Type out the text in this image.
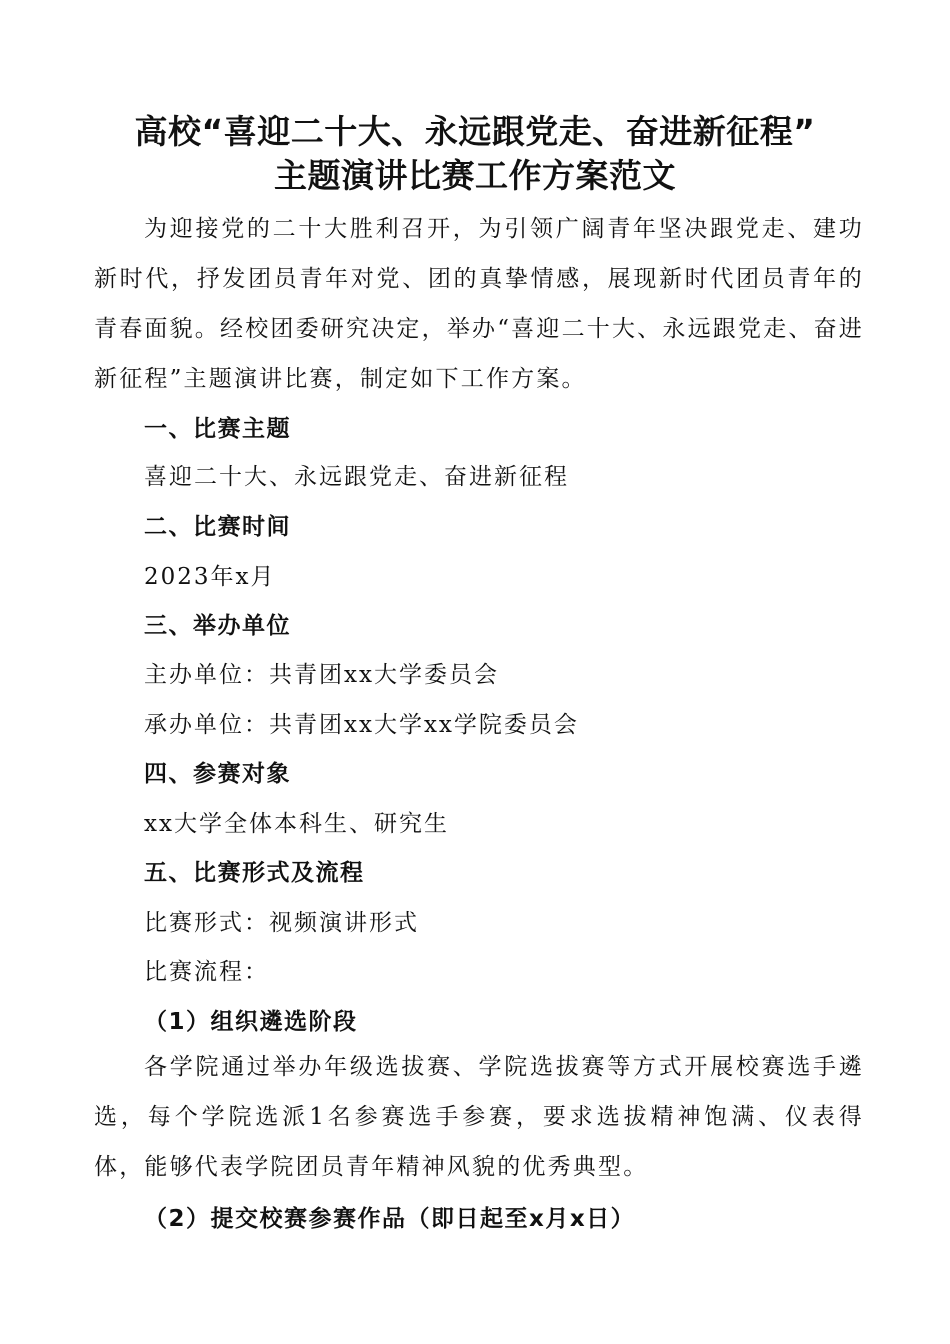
高校“喜迎二十大、永远跟党走、奋进新征程”
主题演讲比赛工作方案范文
为迎接党的二十大胜利召开，为引领广阔青年坚决跟党走、建功新时代，抒发团员青年对党、团的真挚情感，展现新时代团员青年的青春面貌。经校团委研究决定，举办“喜迎二十大、永远跟党走、奋进新征程”主题演讲比赛，制定如下工作方案。
一、比赛主题
喜迎二十大、永远跟党走、奋进新征程
二、比赛时间
2023年x月
三、举办单位
主办单位：共青团xx大学委员会
承办单位：共青团xx大学xx学院委员会
四、参赛对象
xx大学全体本科生、研究生
五、比赛形式及流程
比赛形式：视频演讲形式
比赛流程：
（1）组织遴选阶段
各学院通过举办年级选拔赛、学院选拔赛等方式开展校赛选手遴选，每个学院选派1名参赛选手参赛，要求选拔精神饱满、仪表得体，能够代表学院团员青年精神风貌的优秀典型。
（2）提交校赛参赛作品（即日起至x月x日）
